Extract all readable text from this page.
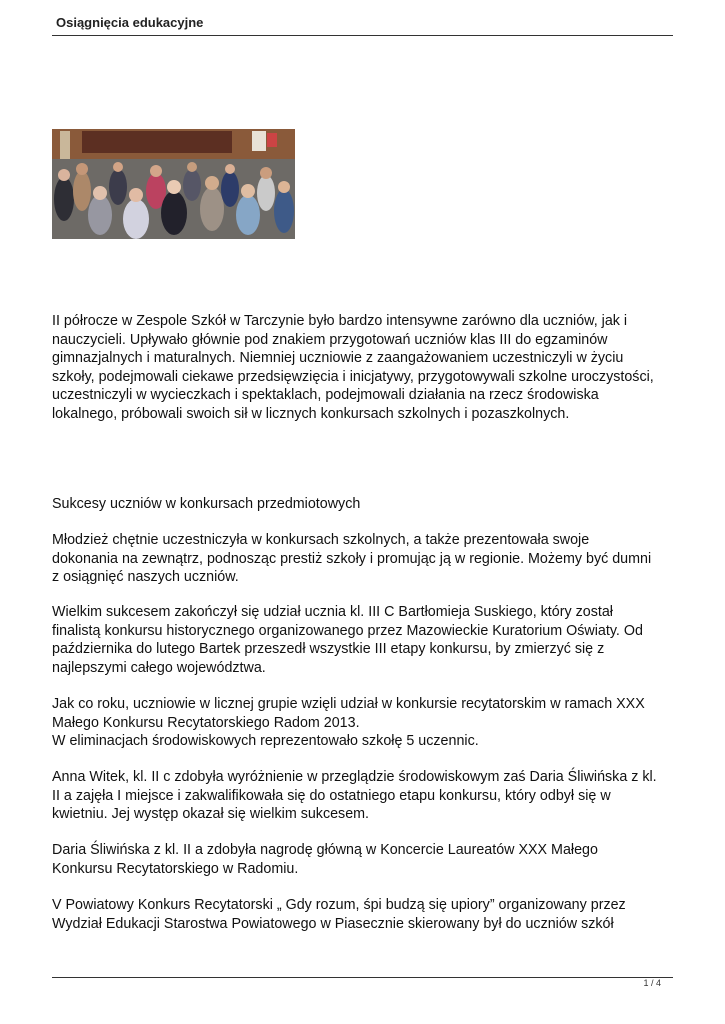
Osiągnięcia edukacyjne

II półrocze w Zespole Szkół w Tarczynie było bardzo intensywne zarówno dla uczniów, jak i
nauczycieli. Upływało głównie pod znakiem przygotowań uczniów klas III do egzaminów
gimnazjalnych i maturalnych. Niemniej uczniowie z zaangażowaniem uczestniczyli w życiu
szkoły, podejmowali ciekawe przedsięwzięcia i inicjatywy, przygotowywali szkolne uroczystości,
uczestniczyli w wycieczkach i spektaklach, podejmowali działania na rzecz środowiska
lokalnego, próbowali swoich sił w licznych konkursach szkolnych i pozaszkolnych.

Sukcesy uczniów w konkursach przedmiotowych

Młodzież chętnie uczestniczyła w konkursach szkolnych, a także prezentowała swoje
dokonania na zewnątrz, podnosząc prestiż szkoły i promując ją w regionie. Możemy być dumni
z osiągnięć naszych uczniów.

Wielkim sukcesem zakończył się udział ucznia kl. III C Bartłomieja Suskiego, który został
finalistą konkursu historycznego organizowanego przez Mazowieckie Kuratorium Oświaty. Od
października do lutego Bartek przeszedł wszystkie III etapy konkursu, by zmierzyć się z
najlepszymi całego województwa.

Jak co roku, uczniowie w licznej grupie wzięli udział w konkursie recytatorskim w ramach XXX
Małego Konkursu Recytatorskiego Radom 2013.
W eliminacjach środowiskowych reprezentowało szkołę 5 uczennic.

Anna Witek, kl. II c zdobyła wyróżnienie w przeglądzie środowiskowym zaś Daria Śliwińska z kl.
II a zajęła I miejsce i zakwalifikowała się do ostatniego etapu konkursu, który odbył się w
kwietniu. Jej występ okazał się wielkim sukcesem.

Daria Śliwińska z kl. II a zdobyła nagrodę główną w Koncercie Laureatów XXX Małego
Konkursu Recytatorskiego w Radomiu.

V Powiatowy Konkurs Recytatorski „ Gdy rozum, śpi budzą się upiory” organizowany przez
Wydział Edukacji Starostwa Powiatowego w Piasecznie skierowany był do uczniów szkół

1 / 4
